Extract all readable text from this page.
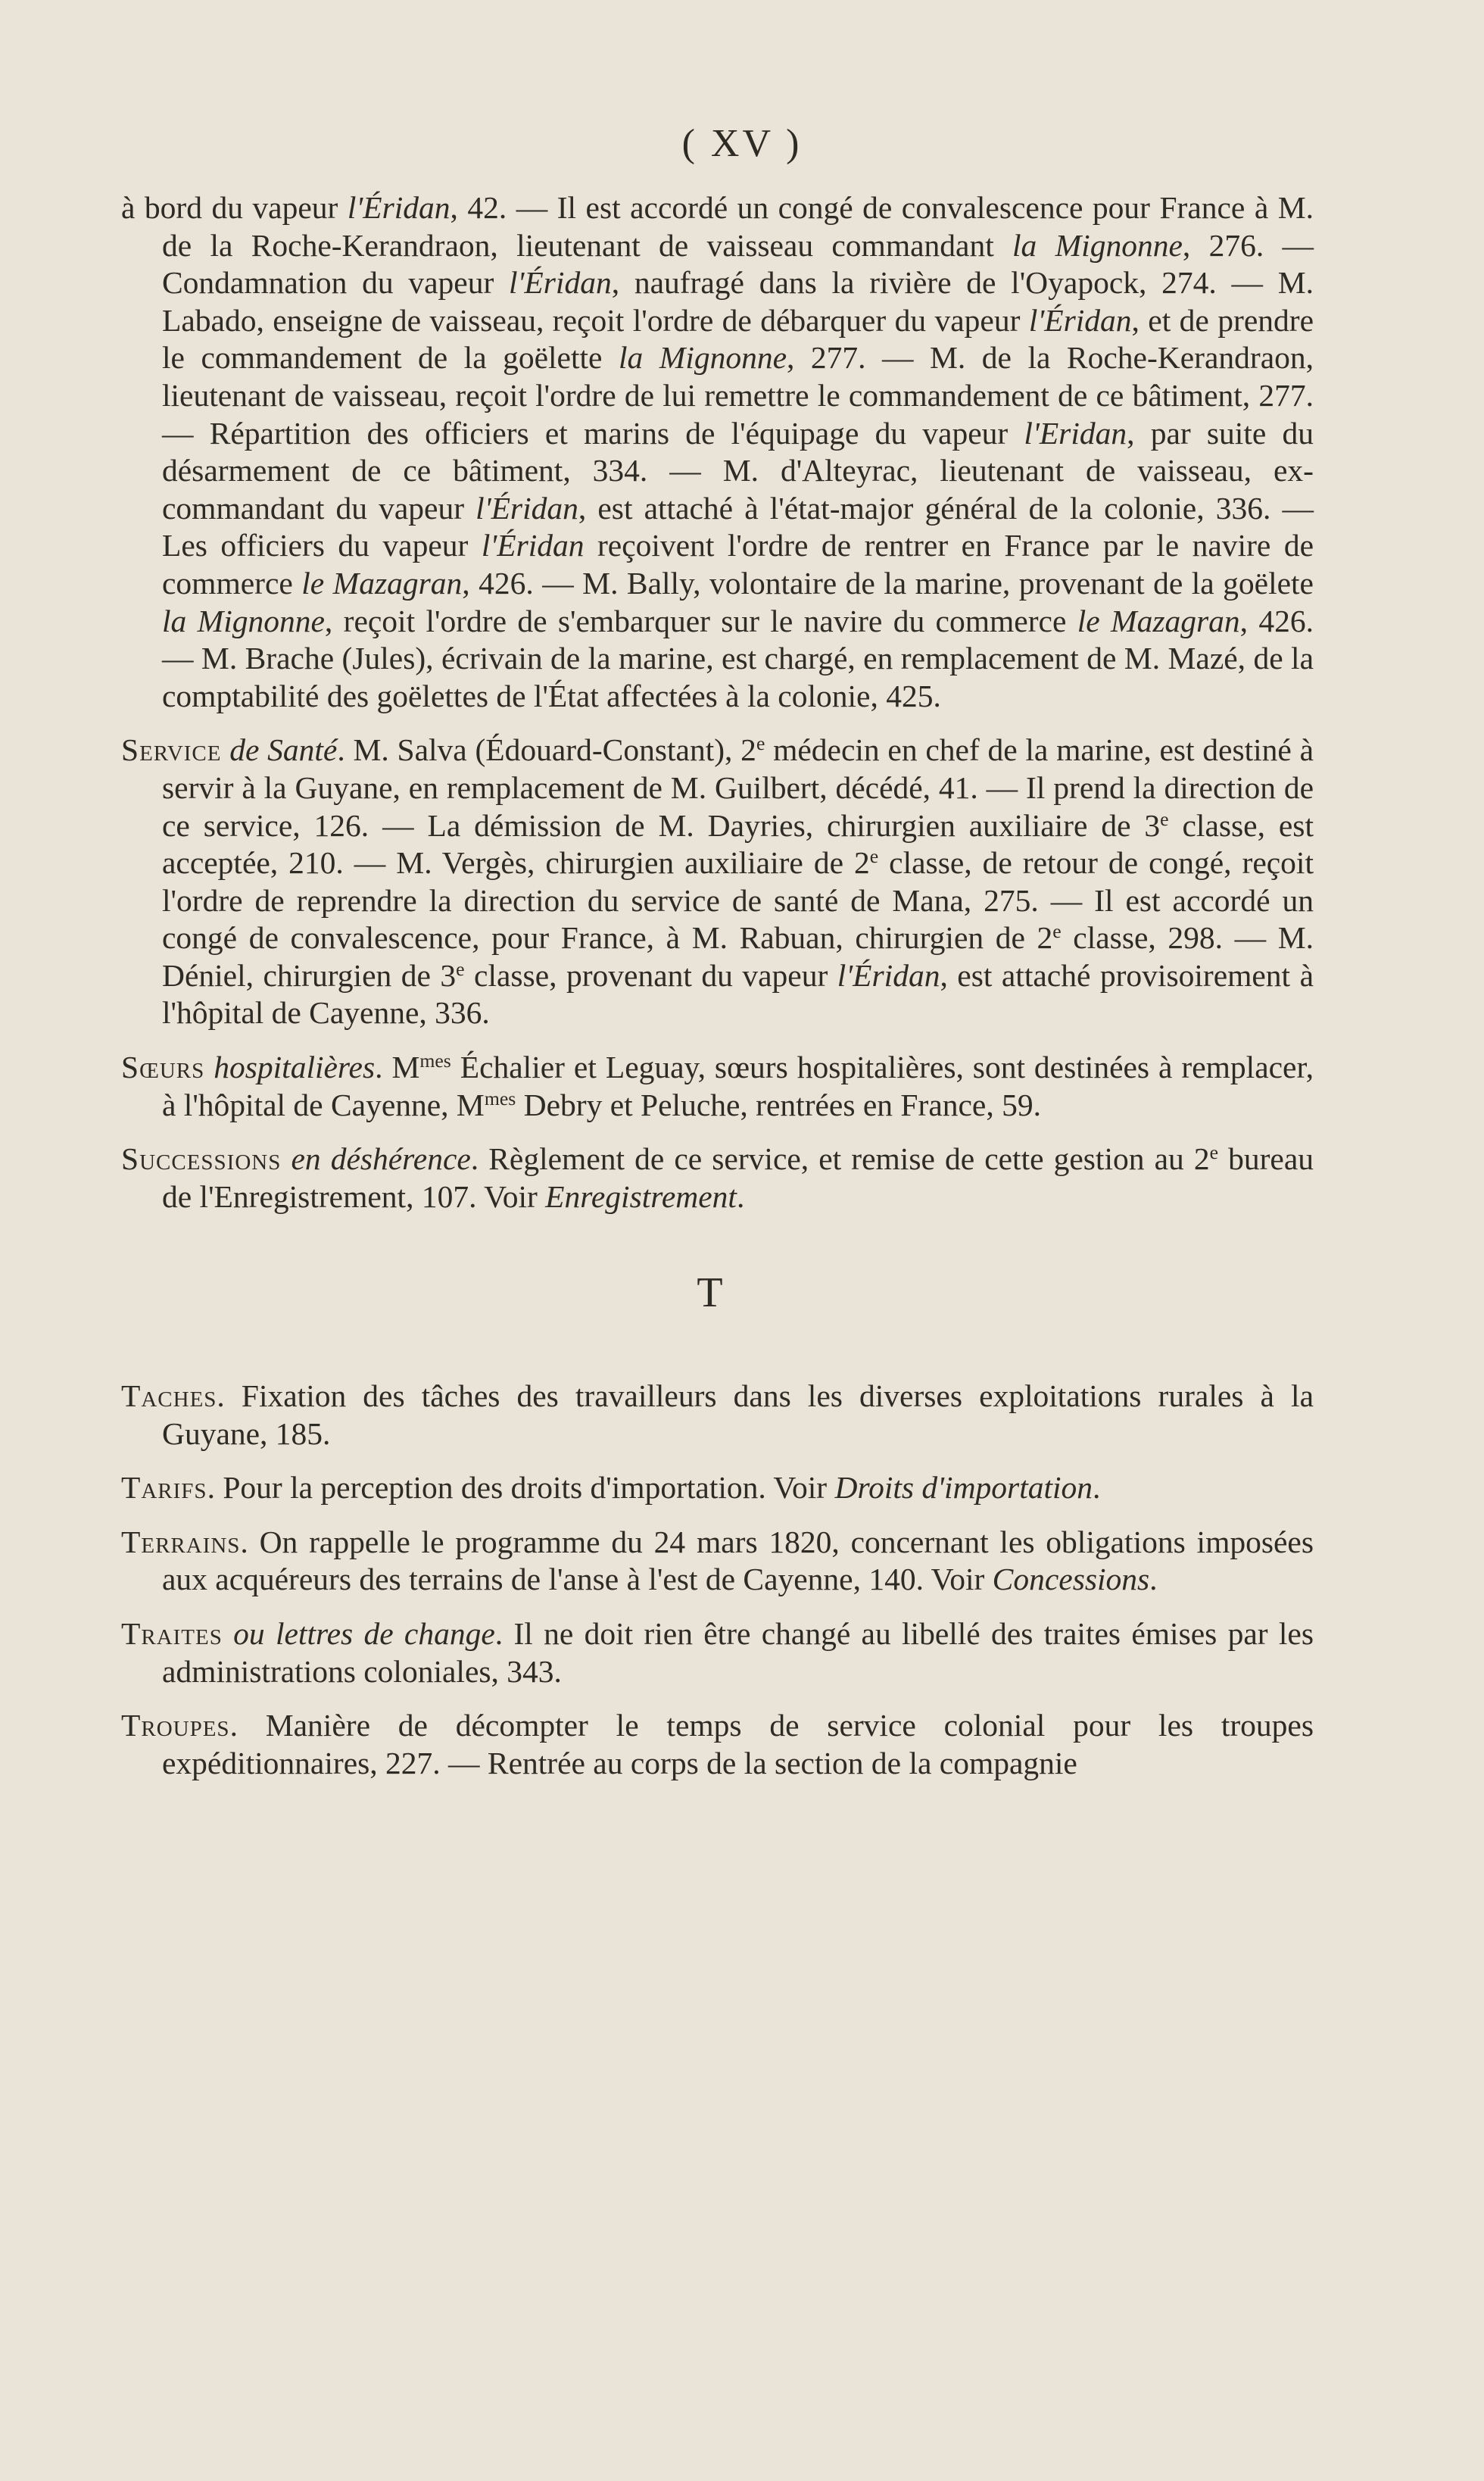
( XV )
à bord du vapeur l'Éridan, 42. — Il est accordé un congé de convalescence pour France à M. de la Roche-Kerandraon, lieutenant de vaisseau commandant la Mignonne, 276. — Condamnation du vapeur l'Éridan, naufragé dans la rivière de l'Oyapock, 274. — M. Labado, enseigne de vaisseau, reçoit l'ordre de débarquer du vapeur l'Éridan, et de prendre le commandement de la goëlette la Mignonne, 277. — M. de la Roche-Kerandraon, lieutenant de vaisseau, reçoit l'ordre de lui remettre le commandement de ce bâtiment, 277. — Répartition des officiers et marins de l'équipage du vapeur l'Eridan, par suite du désarmement de ce bâtiment, 334. — M. d'Alteyrac, lieutenant de vaisseau, ex-commandant du vapeur l'Éridan, est attaché à l'état-major général de la colonie, 336. — Les officiers du vapeur l'Éridan reçoivent l'ordre de rentrer en France par le navire de commerce le Mazagran, 426. — M. Bally, volontaire de la marine, provenant de la goëlete la Mignonne, reçoit l'ordre de s'embarquer sur le navire du commerce le Mazagran, 426. — M. Brache (Jules), écrivain de la marine, est chargé, en remplacement de M. Mazé, de la comptabilité des goëlettes de l'État affectées à la colonie, 425.
Service de Santé. M. Salva (Édouard-Constant), 2e médecin en chef de la marine, est destiné à servir à la Guyane, en remplacement de M. Guilbert, décédé, 41. — Il prend la direction de ce service, 126. — La démission de M. Dayries, chirurgien auxiliaire de 3e classe, est acceptée, 210. — M. Vergès, chirurgien auxiliaire de 2e classe, de retour de congé, reçoit l'ordre de reprendre la direction du service de santé de Mana, 275. — Il est accordé un congé de convalescence, pour France, à M. Rabuan, chirurgien de 2e classe, 298. — M. Déniel, chirurgien de 3e classe, provenant du vapeur l'Éridan, est attaché provisoirement à l'hôpital de Cayenne, 336.
Sœurs hospitalières. $M^{mes}$ Échalier et Leguay, sœurs hospitalières, sont destinées à remplacer, à l'hôpital de Cayenne, $M^{mes}$ Debry et Peluche, rentrées en France, 59.
Successions en déshérence. Règlement de ce service, et remise de cette gestion au 2e bureau de l'Enregistrement, 107. Voir Enregistrement.
T
Taches. Fixation des tâches des travailleurs dans les diverses exploitations rurales à la Guyane, 185.
Tarifs. Pour la perception des droits d'importation. Voir Droits d'importation.
Terrains. On rappelle le programme du 24 mars 1820, concernant les obligations imposées aux acquéreurs des terrains de l'anse à l'est de Cayenne, 140. Voir Concessions.
Traites ou lettres de change. Il ne doit rien être changé au libellé des traites émises par les administrations coloniales, 343.
Troupes. Manière de décompter le temps de service colonial pour les troupes expéditionnaires, 227. — Rentrée au corps de la section de la compagnie
